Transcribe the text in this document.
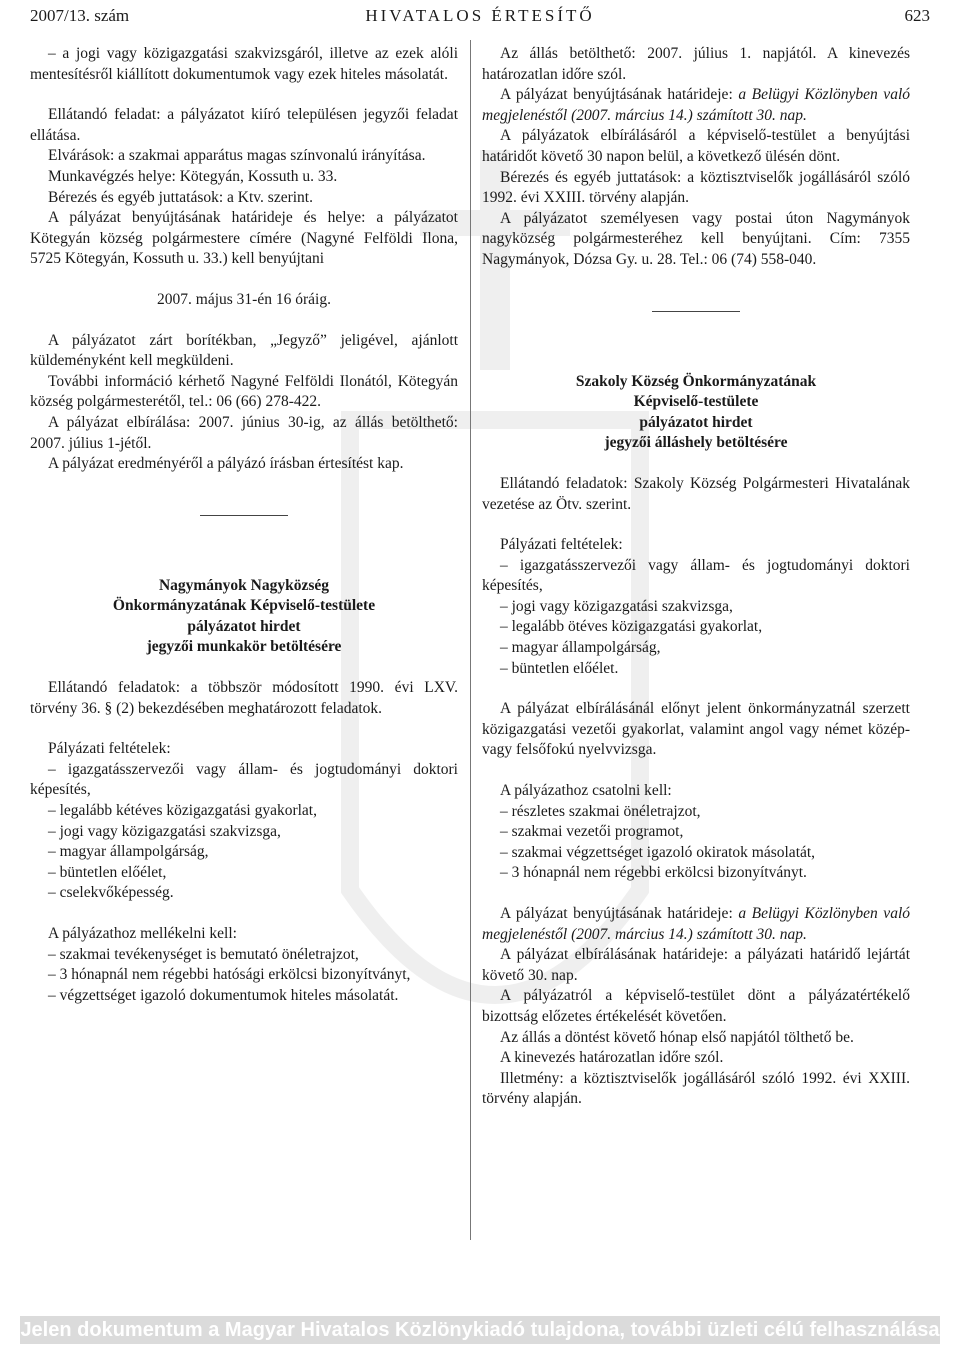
2007/13. szám	HIVATALOS ÉRTESÍTŐ	623

– a jogi vagy közigazgatási szakvizsgáról, illetve az ezek alóli mentesítésről kiállított dokumentumok vagy ezek hiteles másolatát.

Ellátandó feladat: a pályázatot kiíró településen jegyzői feladat ellátása.

Elvárások: a szakmai apparátus magas színvonalú irányítása.

Munkavégzés helye: Kötegyán, Kossuth u. 33.

Bérezés és egyéb juttatások: a Ktv. szerint.

A pályázat benyújtásának határideje és helye: a pályázatot Kötegyán község polgármestere címére (Nagyné Felföldi Ilona, 5725 Kötegyán, Kossuth u. 33.) kell benyújtani

2007. május 31-én 16 óráig.

A pályázatot zárt borítékban, „Jegyző” jeligével, ajánlott küldeményként kell megküldeni.

További információ kérhető Nagyné Felföldi Ilonától, Kötegyán község polgármesterétől, tel.: 06 (66) 278-422.

A pályázat elbírálása: 2007. június 30-ig, az állás betölthető: 2007. július 1-jétől.

A pályázat eredményéről a pályázó írásban értesítést kap.

Nagymányok Nagyközség

Önkormányzatának Képviselő-testülete

pályázatot hirdet

jegyzői munkakör betöltésére

Ellátandó feladatok: a többször módosított 1990. évi LXV. törvény 36. § (2) bekezdésében meghatározott feladatok.

Pályázati feltételek:

– igazgatásszervezői vagy állam- és jogtudományi doktori képesítés,

– legalább kétéves közigazgatási gyakorlat,

– jogi vagy közigazgatási szakvizsga,

– magyar állampolgárság,

– büntetlen előélet,

– cselekvőképesség.

A pályázathoz mellékelni kell:

– szakmai tevékenységet is bemutató önéletrajzot,

– 3 hónapnál nem régebbi hatósági erkölcsi bizonyítványt,

– végzettséget igazoló dokumentumok hiteles másolatát.

Az állás betölthető: 2007. július 1. napjától. A kinevezés határozatlan időre szól.

A pályázat benyújtásának határideje: a Belügyi Közlönyben való megjelenéstől (2007. március 14.) számított 30. nap.

A pályázatok elbírálásáról a képviselő-testület a benyújtási határidőt követő 30 napon belül, a következő ülésén dönt.

Bérezés és egyéb juttatások: a köztisztviselők jogállásáról szóló 1992. évi XXIII. törvény alapján.

A pályázatot személyesen vagy postai úton Nagymányok nagyközség polgármesteréhez kell benyújtani. Cím: 7355 Nagymányok, Dózsa Gy. u. 28. Tel.: 06 (74) 558-040.

Szakoly Község Önkormányzatának

Képviselő-testülete

pályázatot hirdet

jegyzői álláshely betöltésére

Ellátandó feladatok: Szakoly Község Polgármesteri Hivatalának vezetése az Ötv. szerint.

Pályázati feltételek:

– igazgatásszervezői vagy állam- és jogtudományi doktori képesítés,

– jogi vagy közigazgatási szakvizsga,

– legalább ötéves közigazgatási gyakorlat,

– magyar állampolgárság,

– büntetlen előélet.

A pályázat elbírálásánál előnyt jelent önkormányzatnál szerzett közigazgatási vezetői gyakorlat, valamint angol vagy német közép- vagy felsőfokú nyelvvizsga.

A pályázathoz csatolni kell:

– részletes szakmai önéletrajzot,

– szakmai vezetői programot,

– szakmai végzettséget igazoló okiratok másolatát,

– 3 hónapnál nem régebbi erkölcsi bizonyítványt.

A pályázat benyújtásának határideje: a Belügyi Közlönyben való megjelenéstől (2007. március 14.) számított 30. nap.

A pályázat elbírálásának határideje: a pályázati határidő lejártát követő 30. nap.

A pályázatról a képviselő-testület dönt a pályázatértékelő bizottság előzetes értékelését követően.

Az állás a döntést követő hónap első napjától tölthető be.

A kinevezés határozatlan időre szól.

Illetmény: a köztisztviselők jogállásáról szóló 1992. évi XXIII. törvény alapján.

Jelen dokumentum a Magyar Hivatalos Közlönykiadó tulajdona, további üzleti célú felhasználása tilos!
